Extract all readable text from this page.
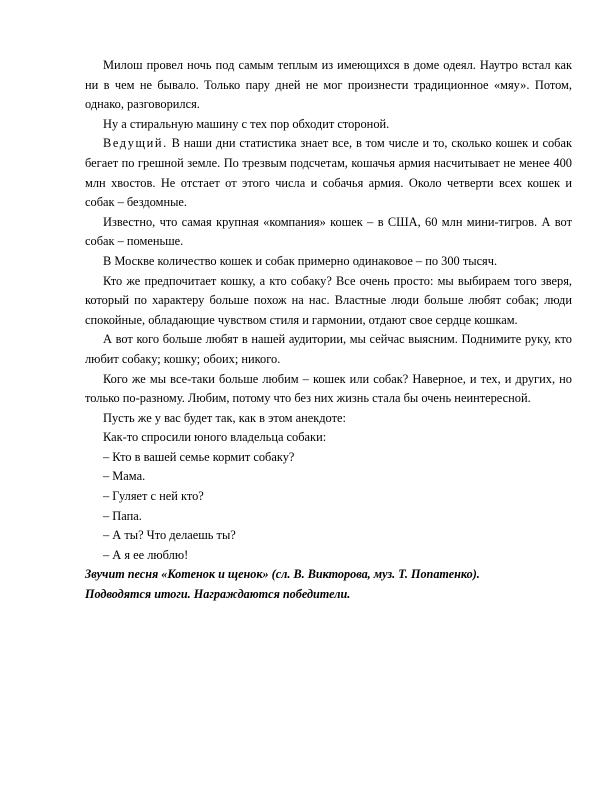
Милош провел ночь под самым теплым из имеющихся в доме одеял. Наутро встал как ни в чем не бывало. Только пару дней не мог произнести традиционное «мяу». Потом, однако, разговорился.

Ну а стиральную машину с тех пор обходит стороной.

Ведущий. В наши дни статистика знает все, в том числе и то, сколько кошек и собак бегает по грешной земле. По трезвым подсчетам, кошачья армия насчитывает не менее 400 млн хвостов. Не отстает от этого числа и собачья армия. Около четверти всех кошек и собак – бездомные.

Известно, что самая крупная «компания» кошек – в США, 60 млн мини-тигров. А вот собак – поменьше.

В Москве количество кошек и собак примерно одинаковое – по 300 тысяч.

Кто же предпочитает кошку, а кто собаку? Все очень просто: мы выбираем того зверя, который по характеру больше похож на нас. Властные люди больше любят собак; люди спокойные, обладающие чувством стиля и гармонии, отдают свое сердце кошкам.

А вот кого больше любят в нашей аудитории, мы сейчас выясним. Поднимите руку, кто любит собаку; кошку; обоих; никого.

Кого же мы все-таки больше любим – кошек или собак? Наверное, и тех, и других, но только по-разному. Любим, потому что без них жизнь стала бы очень неинтересной.

Пусть же у вас будет так, как в этом анекдоте:

Как-то спросили юного владельца собаки:

– Кто в вашей семье кормит собаку?

– Мама.

– Гуляет с ней кто?

– Папа.

– А ты? Что делаешь ты?

– А я ее люблю!

Звучит песня «Котенок и щенок» (сл. В. Викторова, муз. Т. Попатенко).

Подводятся итоги. Награждаются победители.
